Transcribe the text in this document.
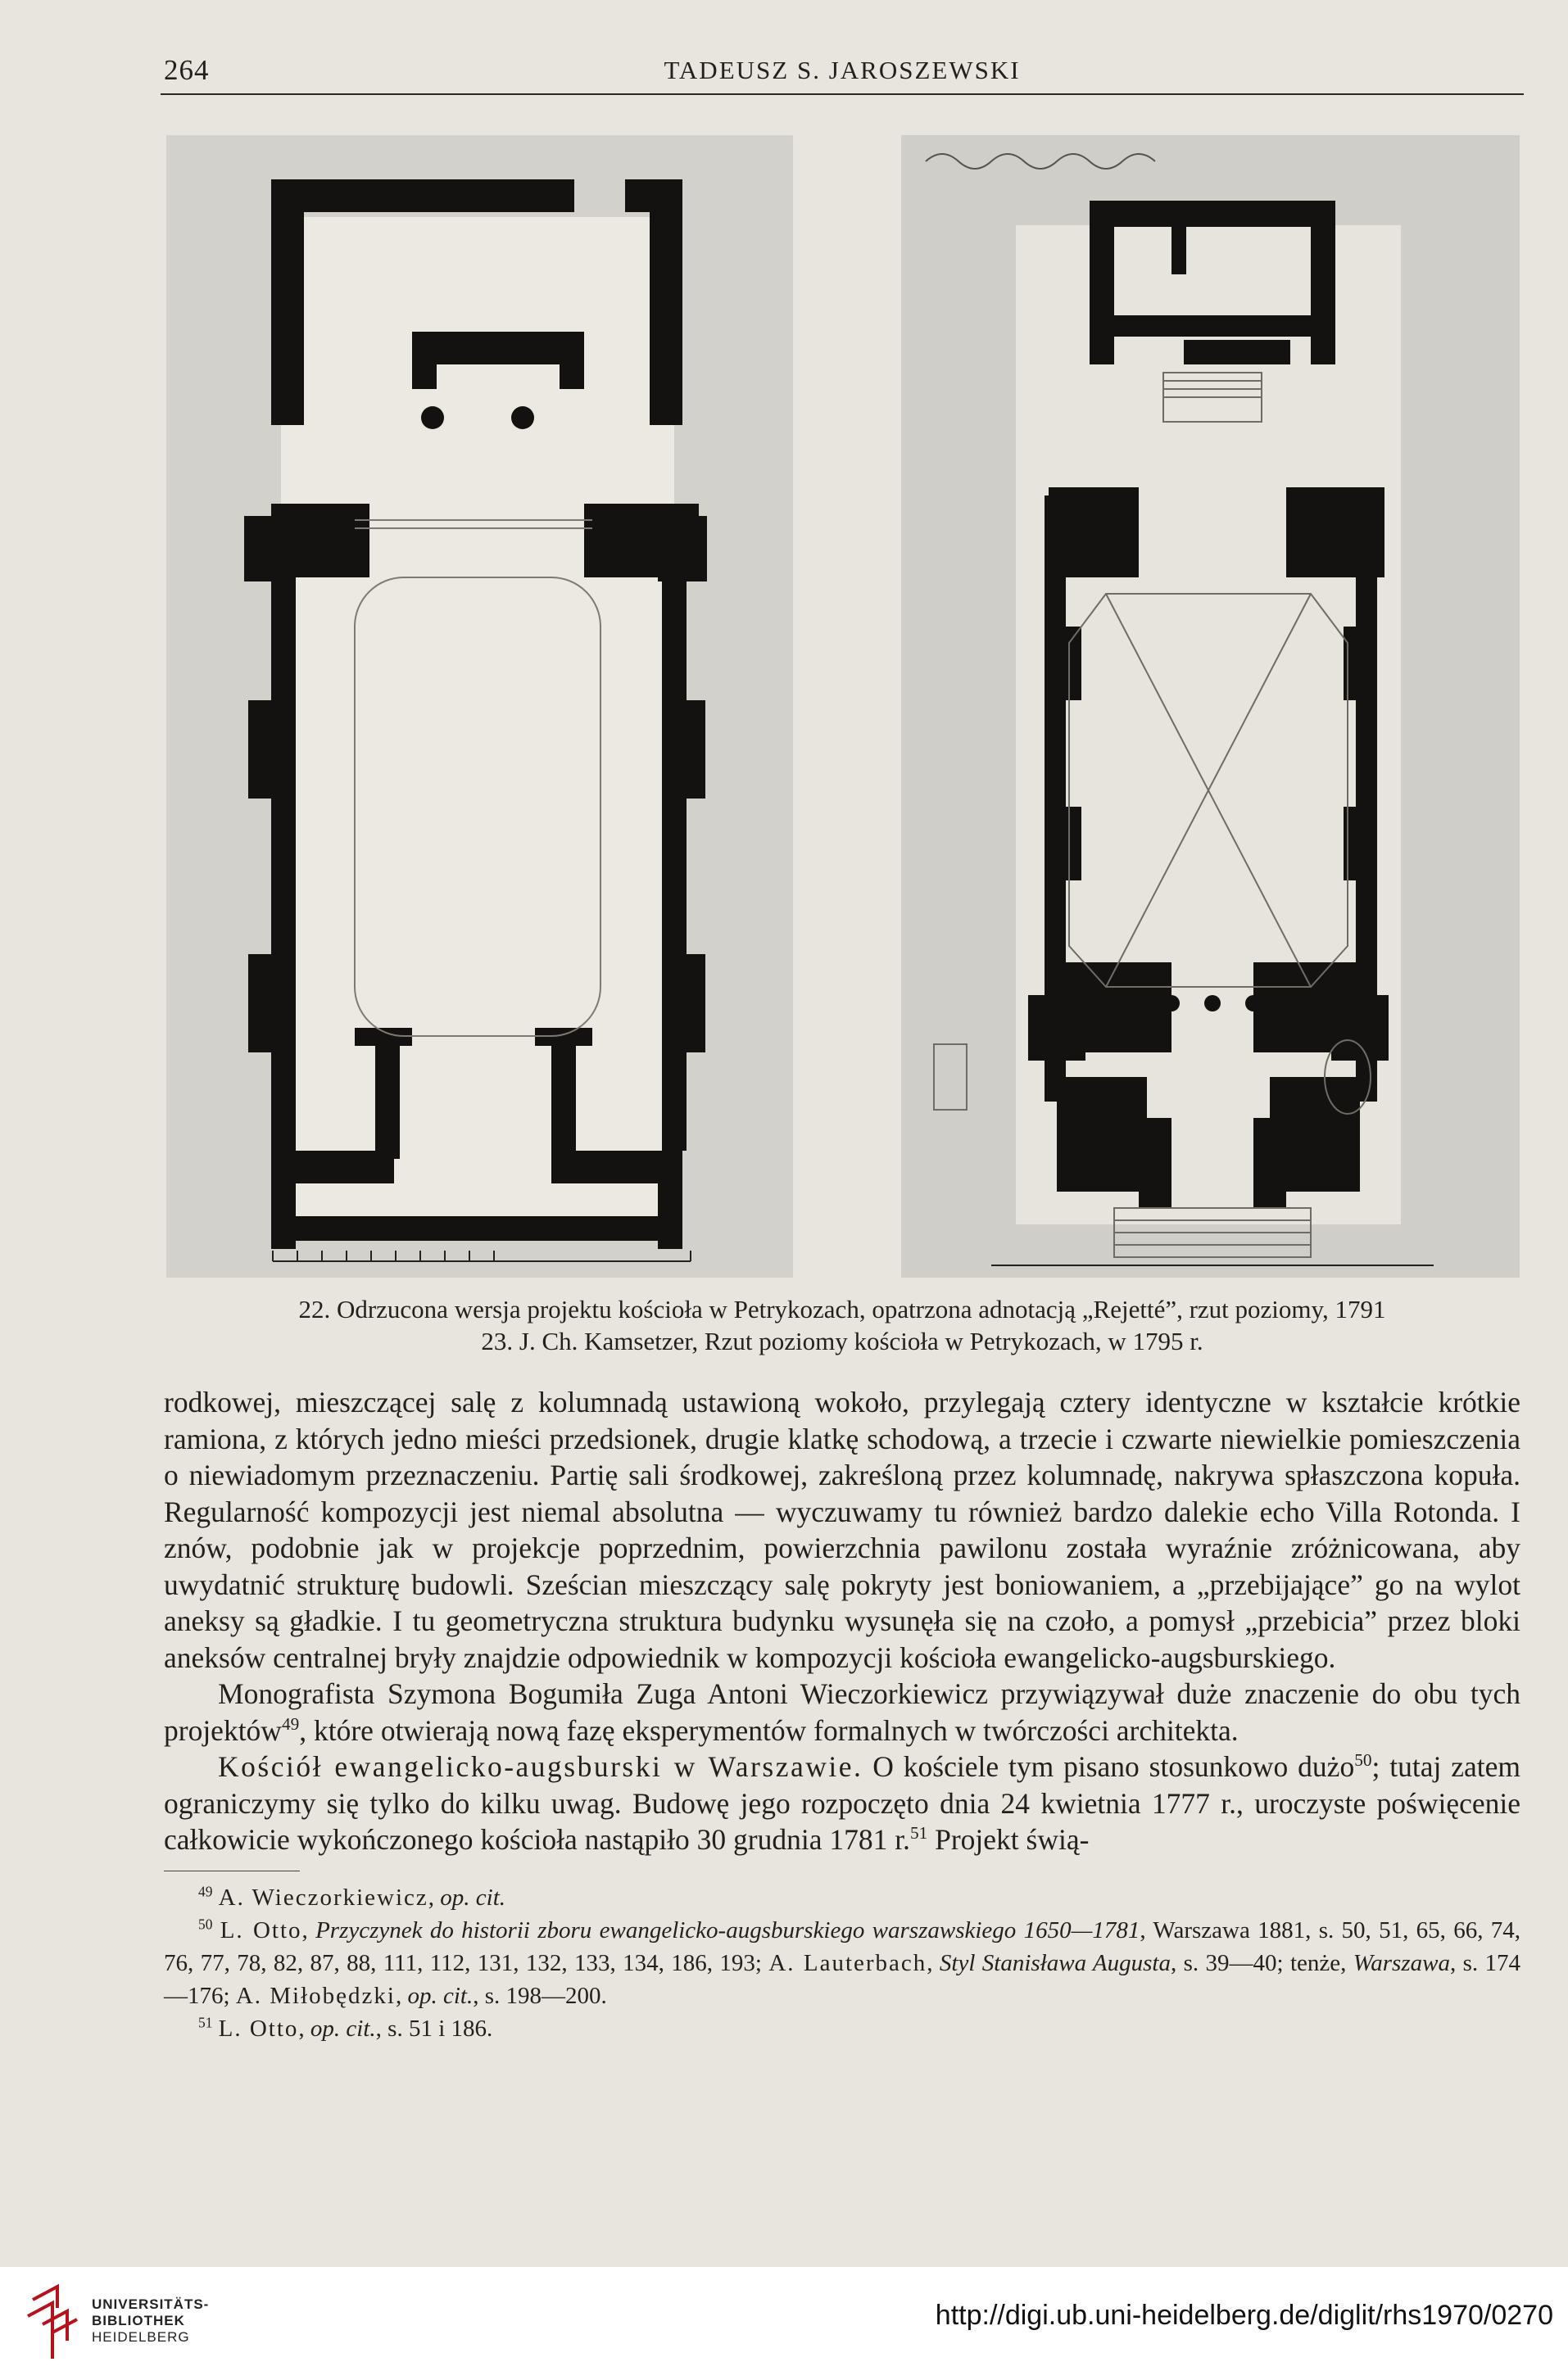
264	TADEUSZ S. JAROSZEWSKI
22. Odrzucona wersja projektu kościoła w Petrykozach, opatrzona adnotacją „Rejetté”, rzut poziomy, 1791
23. J. Ch. Kamsetzer, Rzut poziomy kościoła w Petrykozach, w 1795 r.

rodkowej, mieszczącej salę z kolumnadą ustawioną wokoło, przylegają cztery identyczne w kształcie krótkie ramiona, z których jedno mieści przedsionek, drugie klatkę schodową, a trzecie i czwarte niewielkie pomieszczenia o niewiadomym przeznaczeniu. Partię sali środkowej, zakreśloną przez kolumnadę, nakrywa spłaszczona kopuła. Regularność kompozycji jest niemal absolutna — wyczuwamy tu również bardzo dalekie echo Villa Rotonda. I znów, podobnie jak w projekcje poprzednim, powierzchnia pawilonu została wyraźnie zróżnicowana, aby uwydatnić strukturę budowli. Sześcian mieszczący salę pokryty jest boniowaniem, a „przebijające” go na wylot aneksy są gładkie. I tu geometryczna struktura budynku wysunęła się na czoło, a pomysł „przebicia” przez bloki aneksów centralnej bryły znajdzie odpowiednik w kompozycji kościoła ewangelicko-augsburskiego.

Monografista Szymona Bogumiła Zuga Antoni Wieczorkiewicz przywiązywał duże znaczenie do obu tych projektów$^{49}$, które otwierają nową fazę eksperymentów formalnych w twórczości architekta.

Kościół ewangelicko-augsburski w Warszawie. O kościele tym pisano stosunkowo dużo$^{50}$; tutaj zatem ograniczymy się tylko do kilku uwag. Budowę jego rozpoczęto dnia 24 kwietnia 1777 r., uroczyste poświęcenie całkowicie wykończonego kościoła nastąpiło 30 grudnia 1781 r.$^{51}$ Projekt świą-

$^{49}$ A. Wieczorkiewicz, op. cit.

$^{50}$ L. Otto, Przyczynek do historii zboru ewangelicko-augsburskiego warszawskiego 1650—1781, Warszawa 1881, s. 50, 51, 65, 66, 74, 76, 77, 78, 82, 87, 88, 111, 112, 131, 132, 133, 134, 186, 193; A. Lauterbach, Styl Stanisława Augusta, s. 39—40; tenże, Warszawa, s. 174—176; A. Miłobędzki, op. cit., s. 198—200.

$^{51}$ L. Otto, op. cit., s. 51 i 186.

UNIVERSITÄTS-
BIBLIOTHEK
HEIDELBERG
http://digi.ub.uni-heidelberg.de/diglit/rhs1970/0270
